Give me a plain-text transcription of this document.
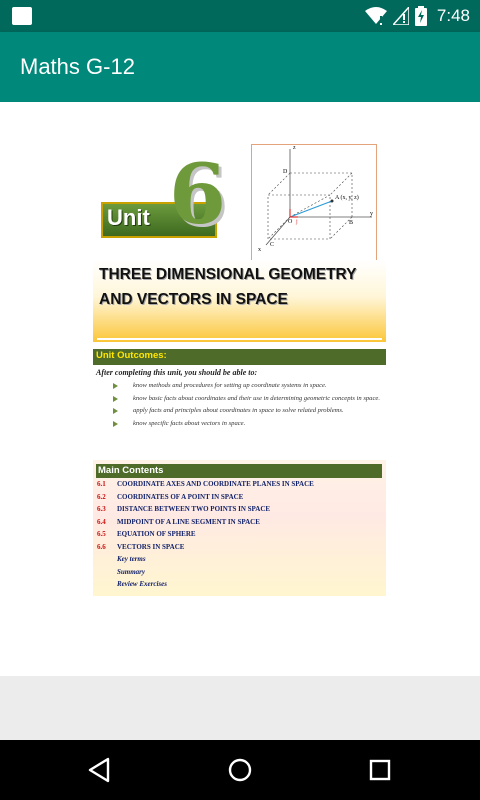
7:48
Maths G-12
z
y
x
A (x, y, z)
D
B
C
O j
Unit 6
THREE DIMENSIONAL GEOMETRY AND VECTORS IN SPACE
Unit Outcomes:
After completing this unit, you should be able to:
know methods and procedures for setting up coordinate systems in space.
know basic facts about coordinates and their use in determining geometric concepts in space.
apply facts and principles about coordinates in space to solve related problems.
know specific facts about vectors in space.
Main Contents
6.1 COORDINATE AXES AND COORDINATE PLANES IN SPACE
6.2 COORDINATES OF A POINT IN SPACE
6.3 DISTANCE BETWEEN TWO POINTS IN SPACE
6.4 MIDPOINT OF A LINE SEGMENT IN SPACE
6.5 EQUATION OF SPHERE
6.6 VECTORS IN SPACE
Key terms
Summary
Review Exercises
